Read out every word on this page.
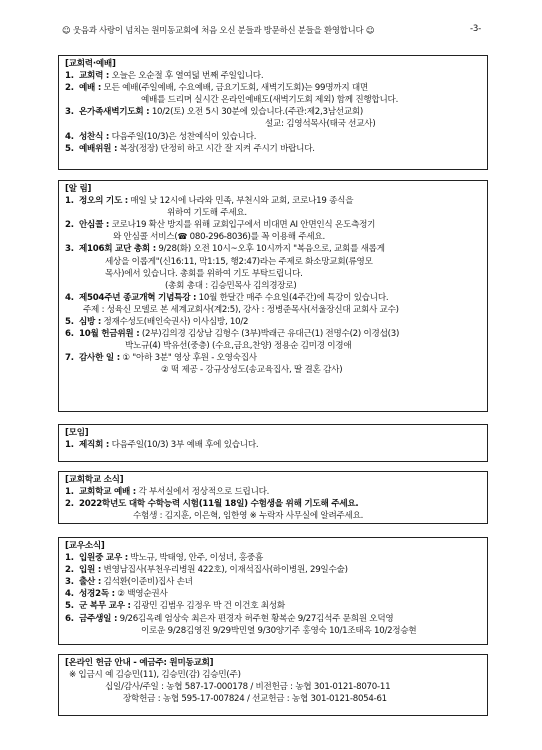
☺ 웃음과 사랑이 넘치는 원미동교회에 처음 오신 분들과 방문하신 분들을 환영합니다 ☺	-3-
[교회력·예배]
1. 교회력 : 오늘은 오순절 후 열여덟 번째 주일입니다.
2. 예배 : 모든 예배(주일예배, 수요예배, 금요기도회, 새벽기도회)는 99명까지 대면
예배를 드리며 실시간 온라인예배도(새벽기도회 제외) 함께 진행합니다.
3. 온가족새벽기도회 : 10/2(토) 오전 5시 30분에 있습니다.(주관:제2,3남선교회)
설교: 김영석목사(태국 선교사)
4. 성찬식 : 다음주일(10/3)은 성찬예식이 있습니다.
5. 예배위원 : 복장(정장) 단정히 하고 시간 잘 지켜 주시기 바랍니다.
[알 림]
1. 정오의 기도 : 매일 낮 12시에 나라와 민족, 부천시와 교회, 코로나19 종식을
위하여 기도해 주세요.
2. 안심콜 : 코로나19 확산 방지를 위해 교회입구에서 비대면 AI 안면인식 온도측정기
와 안심콜 서비스(☎ 080-296-8036)를 꼭 이용해 주세요.
3. 제106회 교단 총회 : 9/28(화) 오전 10시~오후 10시까지 "복음으로, 교회를 새롭게
세상을 이롭게"(신16:11, 막1:15, 행2:47)라는 주제로 화소망교회(류영모
목사)에서 있습니다. 총회를 위하여 기도 부탁드립니다.
(총회 총대 : 김승민목사 김의경장로)
4. 제504주년 종교개혁 기념특강 : 10월 한달간 매주 수요일(4주간)에 특강이 있습니다.
주제 : 성육신 모델로 본 세계교회사(계2:5), 강사 : 정병준목사(서울장신대 교회사 교수)
5. 심방 : 정재수성도(배인숙권사) 이사심방, 10/2
6. 10월 헌금위원 : (2부)김의경 김상남 김형수 (3부)박래근 유대근(1) 전명수(2) 이경섭(3)
박노규(4) 박유선(중층) (수요,금요,찬양) 정용순 김미경 이경애
7. 감사한 일 : ① "아하 3분" 영상 후원 - 오영숙집사
② 떡 제공 - 강규상성도(송교육집사, 딸 결혼 감사)
[모임]
1. 제직회 : 다음주일(10/3) 3부 예배 후에 있습니다.
[교회학교 소식]
1. 교회학교 예배 : 각 부서실에서 정상적으로 드립니다.
2. 2022학년도 대학 수학능력 시험(11월 18일) 수험생을 위해 기도해 주세요.
수험생 : 김지훈, 이은혁, 임한영 ※ 누락자 사무실에 알려주세요.
[교우소식]
1. 입원중 교우 : 박노규, 박태영, 안주, 이성녀, 홍중흠
2. 입원 : 변영남집사(부천우리병원 422호), 이재석집사(하이병원, 29일수술)
3. 출산 : 김석환(이준비)집사 손녀
4. 성경2독 : ② 백영순권사
5. 군 복무 교우 : 김광민 김범우 김정우 박 건 이건호 최성화
6. 금주생일 : 9/26김옥례 엄상숙 최은자 편경자 허주현 황복순 9/27김석주 문희원 오덕영
이로운 9/28김영진 9/29박민열 9/30양기주 홍영숙 10/1조태옥 10/2정승현
[온라인 헌금 안내 - 예금주: 원미동교회]
※ 입금시 예 김승민(11), 김승민(감) 김승민(주)
십일/감사/주일 : 농협 587-17-000178 / 비전헌금 : 농협 301-0121-8070-11
장학헌금 : 농협 595-17-007824 / 선교헌금 : 농협 301-0121-8054-61
